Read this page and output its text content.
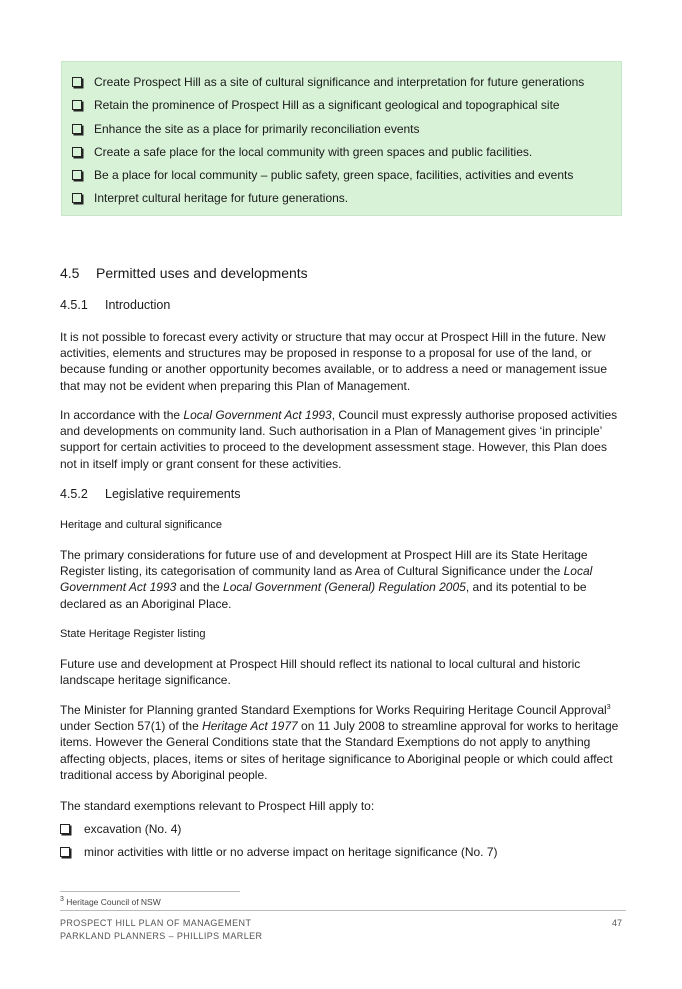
Create Prospect Hill as a site of cultural significance and interpretation for future generations
Retain the prominence of Prospect Hill as a significant geological and topographical site
Enhance the site as a place for primarily reconciliation events
Create a safe place for the local community with green spaces and public facilities.
Be a place for local community – public safety, green space, facilities, activities and events
Interpret cultural heritage for future generations.
4.5 Permitted uses and developments
4.5.1 Introduction

It is not possible to forecast every activity or structure that may occur at Prospect Hill in the future. New activities, elements and structures may be proposed in response to a proposal for use of the land, or because funding or another opportunity becomes available, or to address a need or management issue that may not be evident when preparing this Plan of Management.

In accordance with the Local Government Act 1993, Council must expressly authorise proposed activities and developments on community land. Such authorisation in a Plan of Management gives ‘in principle’ support for certain activities to proceed to the development assessment stage. However, this Plan does not in itself imply or grant consent for these activities.

4.5.2 Legislative requirements
Heritage and cultural significance

The primary considerations for future use of and development at Prospect Hill are its State Heritage Register listing, its categorisation of community land as Area of Cultural Significance under the Local Government Act 1993 and the Local Government (General) Regulation 2005, and its potential to be declared as an Aboriginal Place.

State Heritage Register listing

Future use and development at Prospect Hill should reflect its national to local cultural and historic landscape heritage significance.

The Minister for Planning granted Standard Exemptions for Works Requiring Heritage Council Approval$^3$ under Section 57(1) of the Heritage Act 1977 on 11 July 2008 to streamline approval for works to heritage items. However the General Conditions state that the Standard Exemptions do not apply to anything affecting objects, places, items or sites of heritage significance to Aboriginal people or which could affect traditional access by Aboriginal people.

The standard exemptions relevant to Prospect Hill apply to:

excavation (No. 4)
minor activities with little or no adverse impact on heritage significance (No. 7)
$^3$ Heritage Council of NSW
PROSPECT HILL PLAN OF MANAGEMENT
PARKLAND PLANNERS – PHILLIPS MARLER
47
